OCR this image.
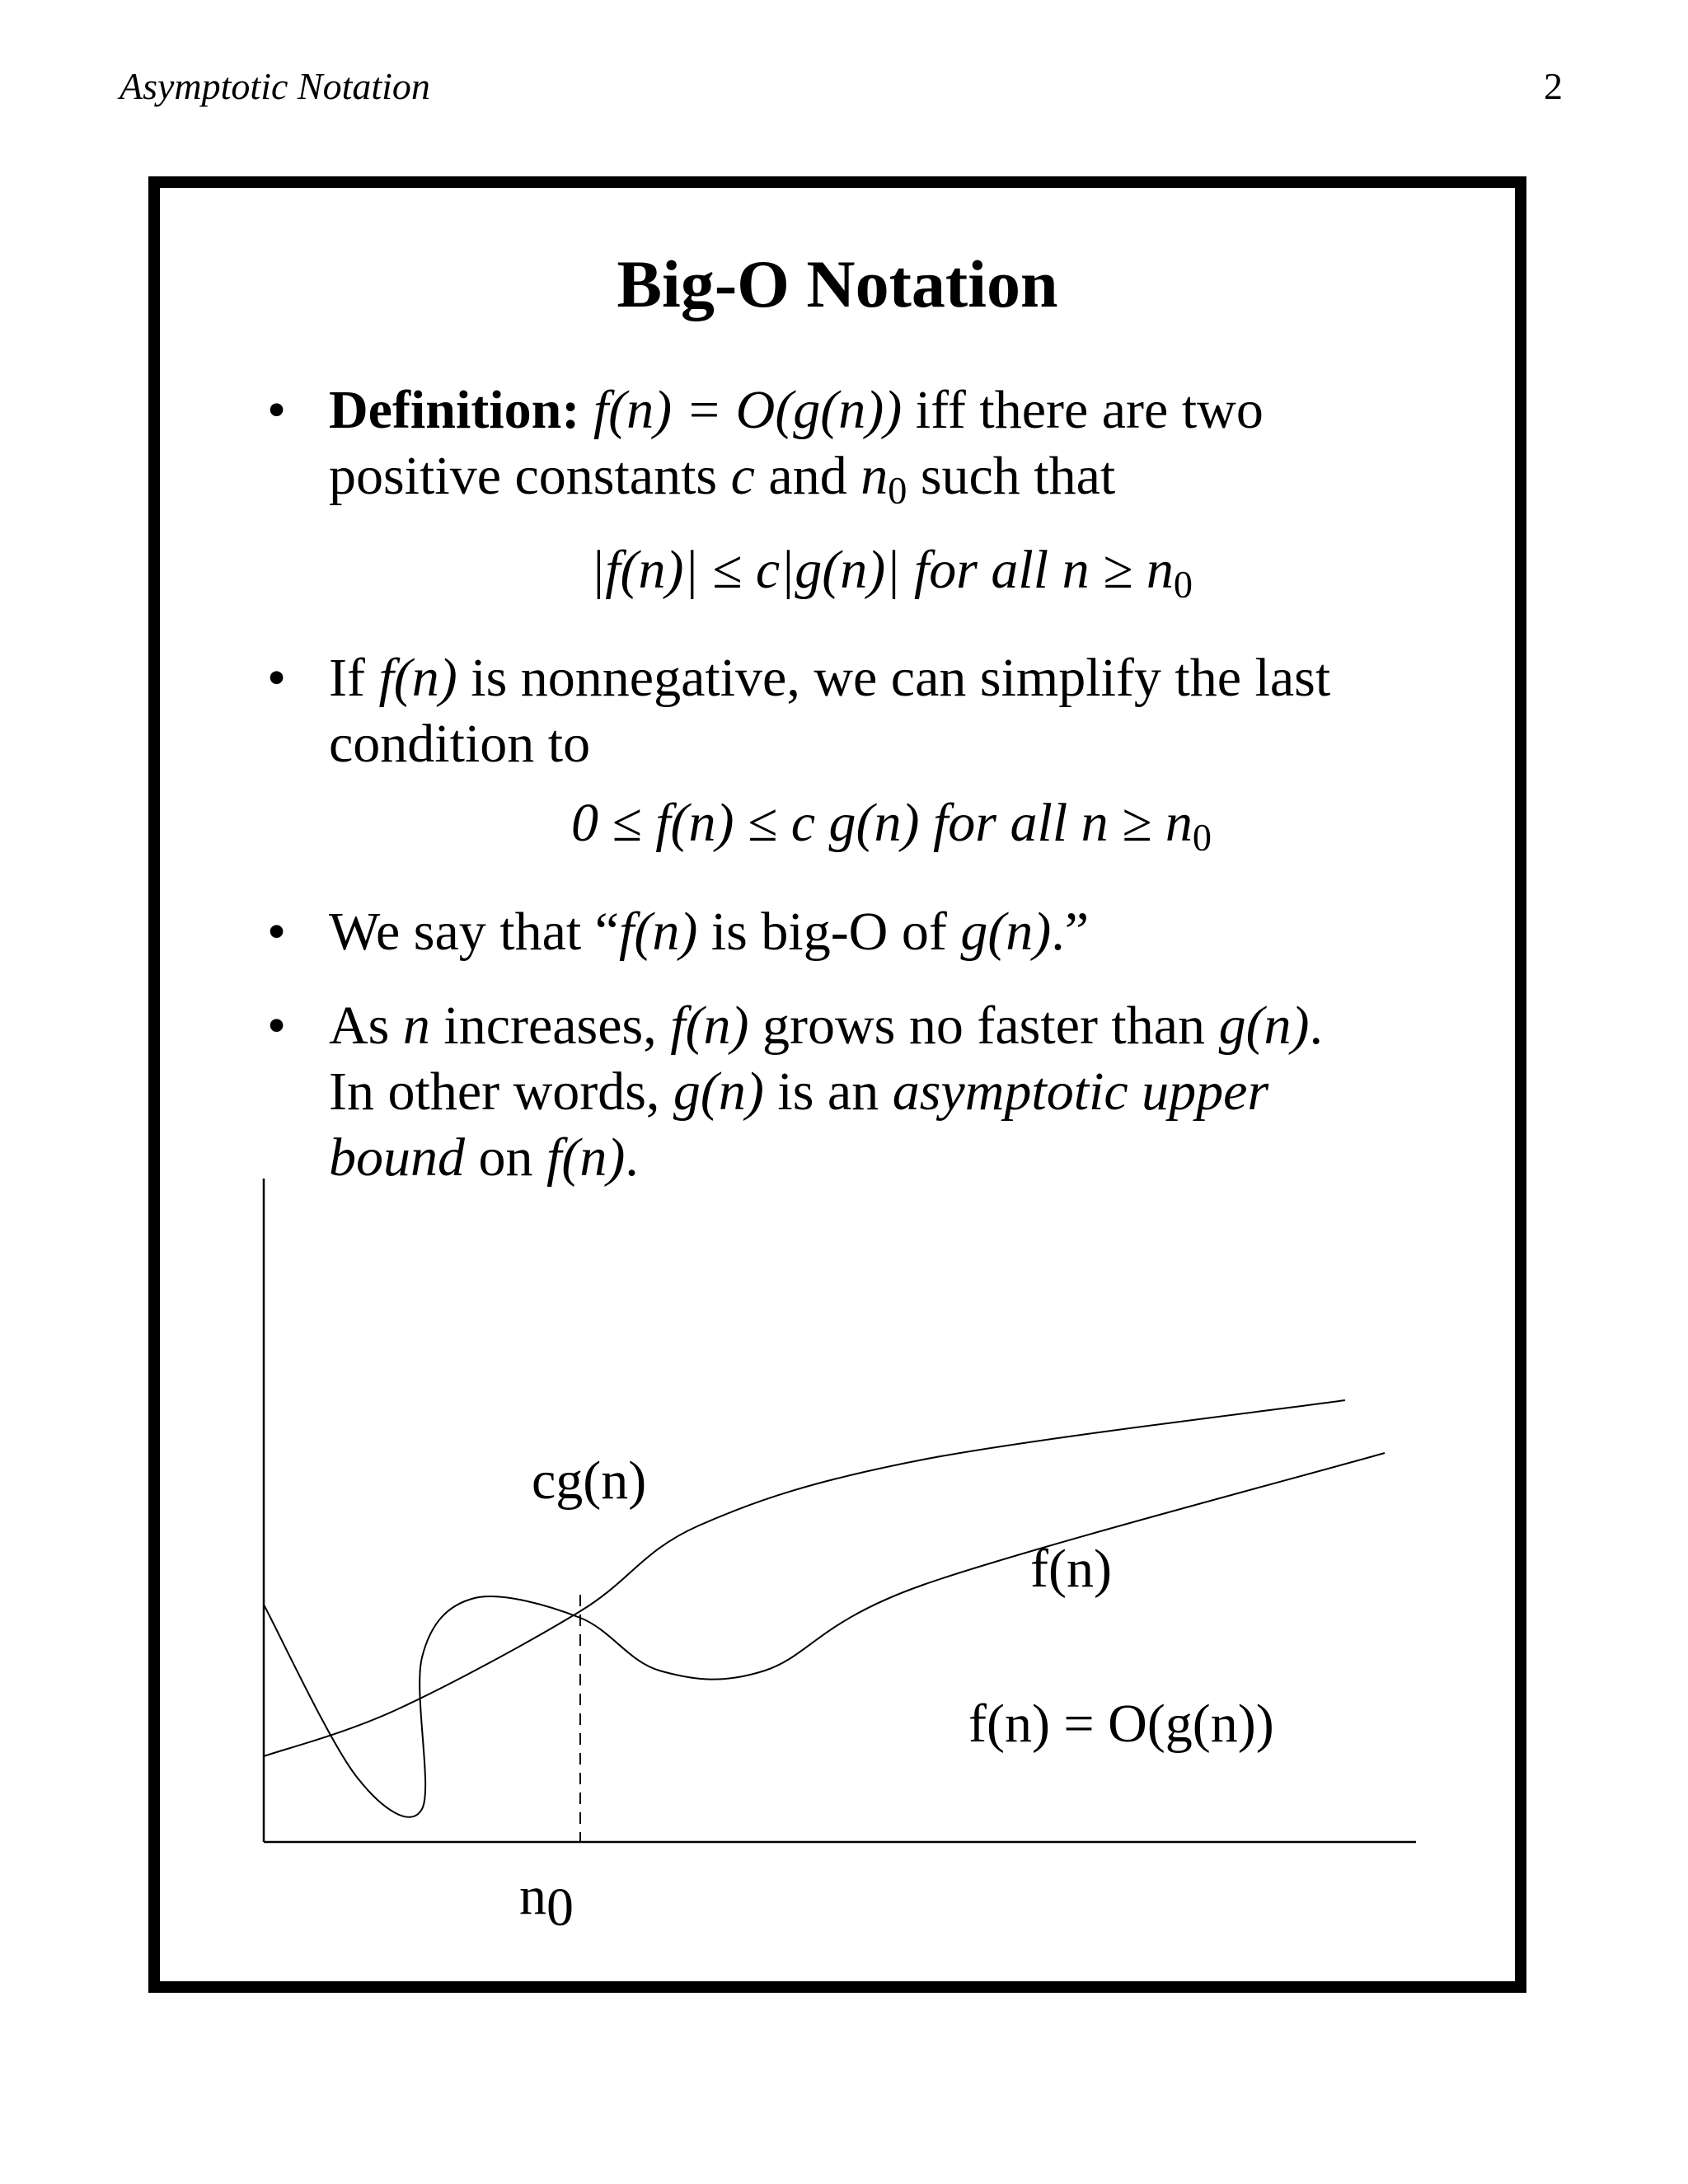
Asymptotic Notation	2
Big-O Notation
• Definition: f(n) = O(g(n)) iff there are two
positive constants c and $n_0$ such that
|f(n)| ≤ c|g(n)| for all $n \ge n_0$
• If f(n) is nonnegative, we can simplify the last
condition to
0 ≤ f(n) ≤ c g(n) for all $n \ge n_0$
• We say that “f(n) is big-O of g(n).”
• As n increases, f(n) grows no faster than g(n).
In other words, g(n) is an asymptotic upper
bound on f(n).
cg(n)
f(n)
f(n) = O(g(n))
n0
